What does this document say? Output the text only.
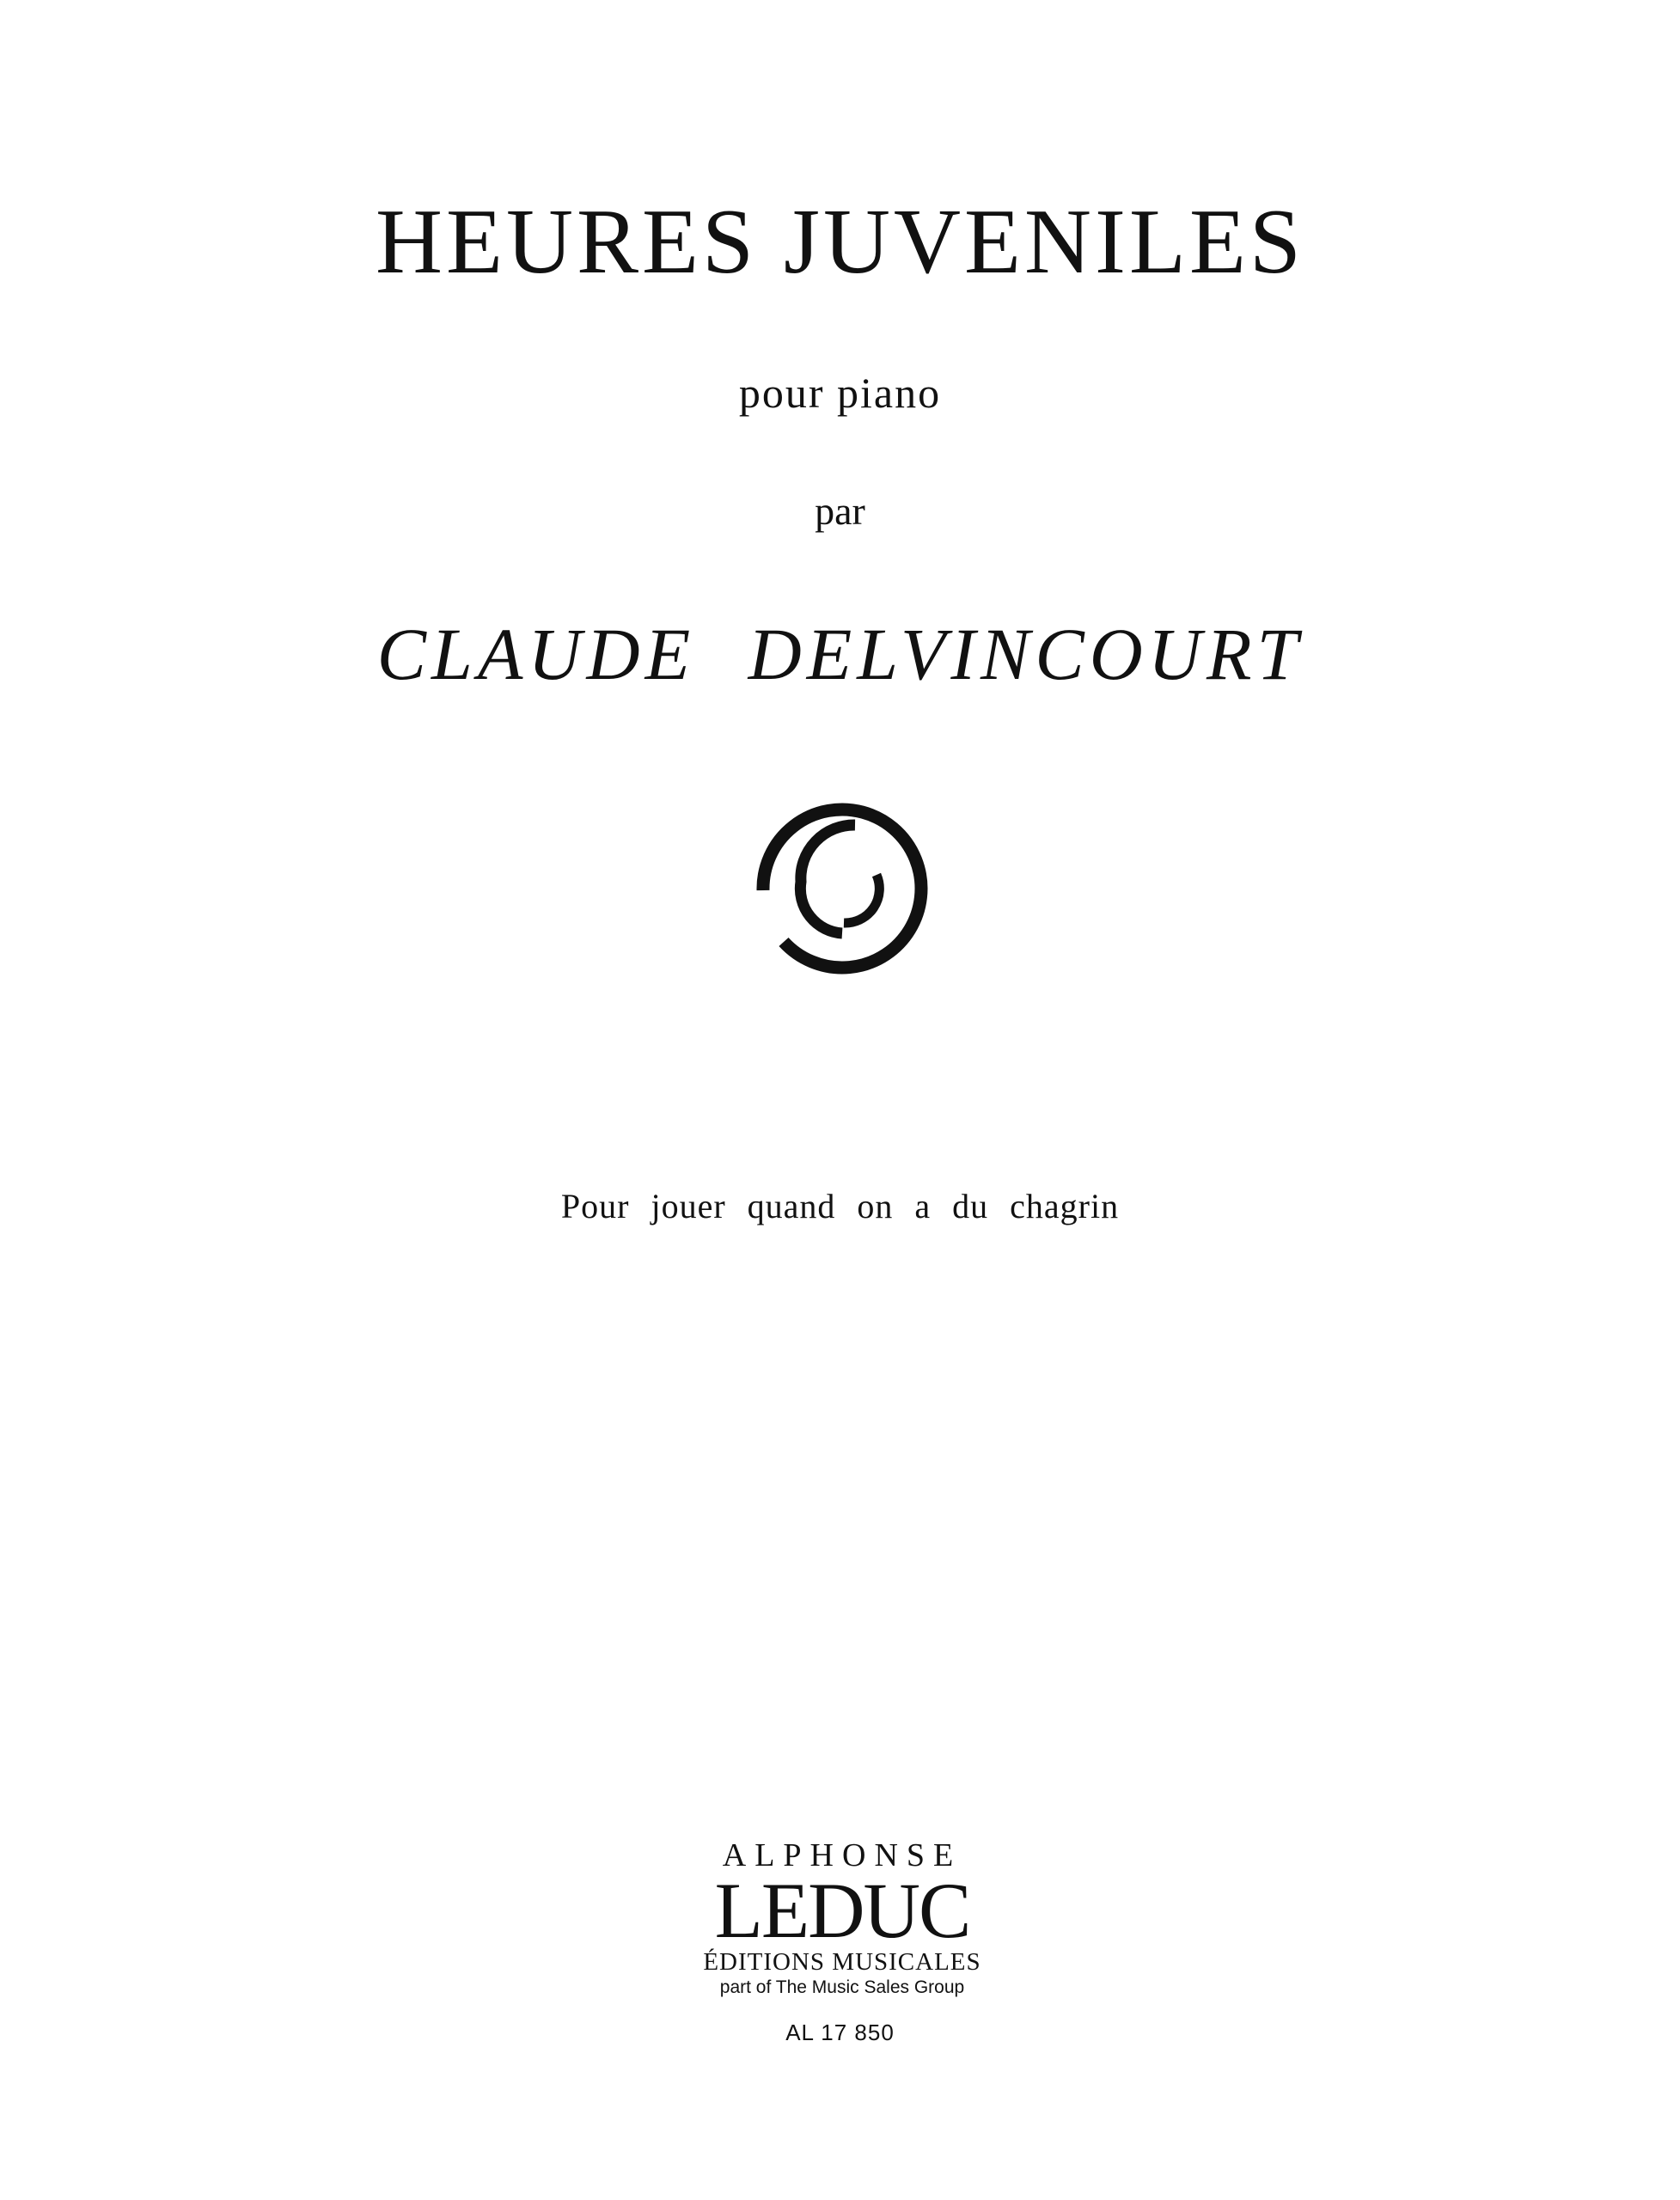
HEURES JUVENILES
pour piano
par
CLAUDE DELVINCOURT
Pour jouer quand on a du chagrin
ALPHONSE
LEDUC
ÉDITIONS MUSICALES
part of The Music Sales Group
AL 17 850
